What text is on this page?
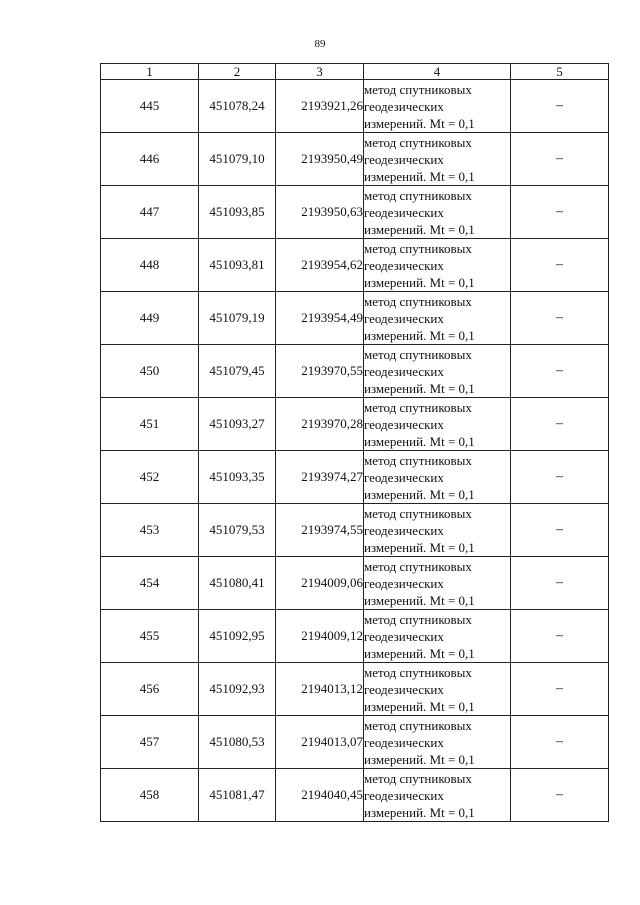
89
1	2	3	4	5
445	451078,24	2193921,26	метод спутниковых
геодезических
измерений. Mt = 0,1	–
446	451079,10	2193950,49	метод спутниковых
геодезических
измерений. Mt = 0,1	–
447	451093,85	2193950,63	метод спутниковых
геодезических
измерений. Mt = 0,1	–
448	451093,81	2193954,62	метод спутниковых
геодезических
измерений. Mt = 0,1	–
449	451079,19	2193954,49	метод спутниковых
геодезических
измерений. Mt = 0,1	–
450	451079,45	2193970,55	метод спутниковых
геодезических
измерений. Mt = 0,1	–
451	451093,27	2193970,28	метод спутниковых
геодезических
измерений. Mt = 0,1	–
452	451093,35	2193974,27	метод спутниковых
геодезических
измерений. Mt = 0,1	–
453	451079,53	2193974,55	метод спутниковых
геодезических
измерений. Mt = 0,1	–
454	451080,41	2194009,06	метод спутниковых
геодезических
измерений. Mt = 0,1	–
455	451092,95	2194009,12	метод спутниковых
геодезических
измерений. Mt = 0,1	–
456	451092,93	2194013,12	метод спутниковых
геодезических
измерений. Mt = 0,1	–
457	451080,53	2194013,07	метод спутниковых
геодезических
измерений. Mt = 0,1	–
458	451081,47	2194040,45	метод спутниковых
геодезических
измерений. Mt = 0,1	–
